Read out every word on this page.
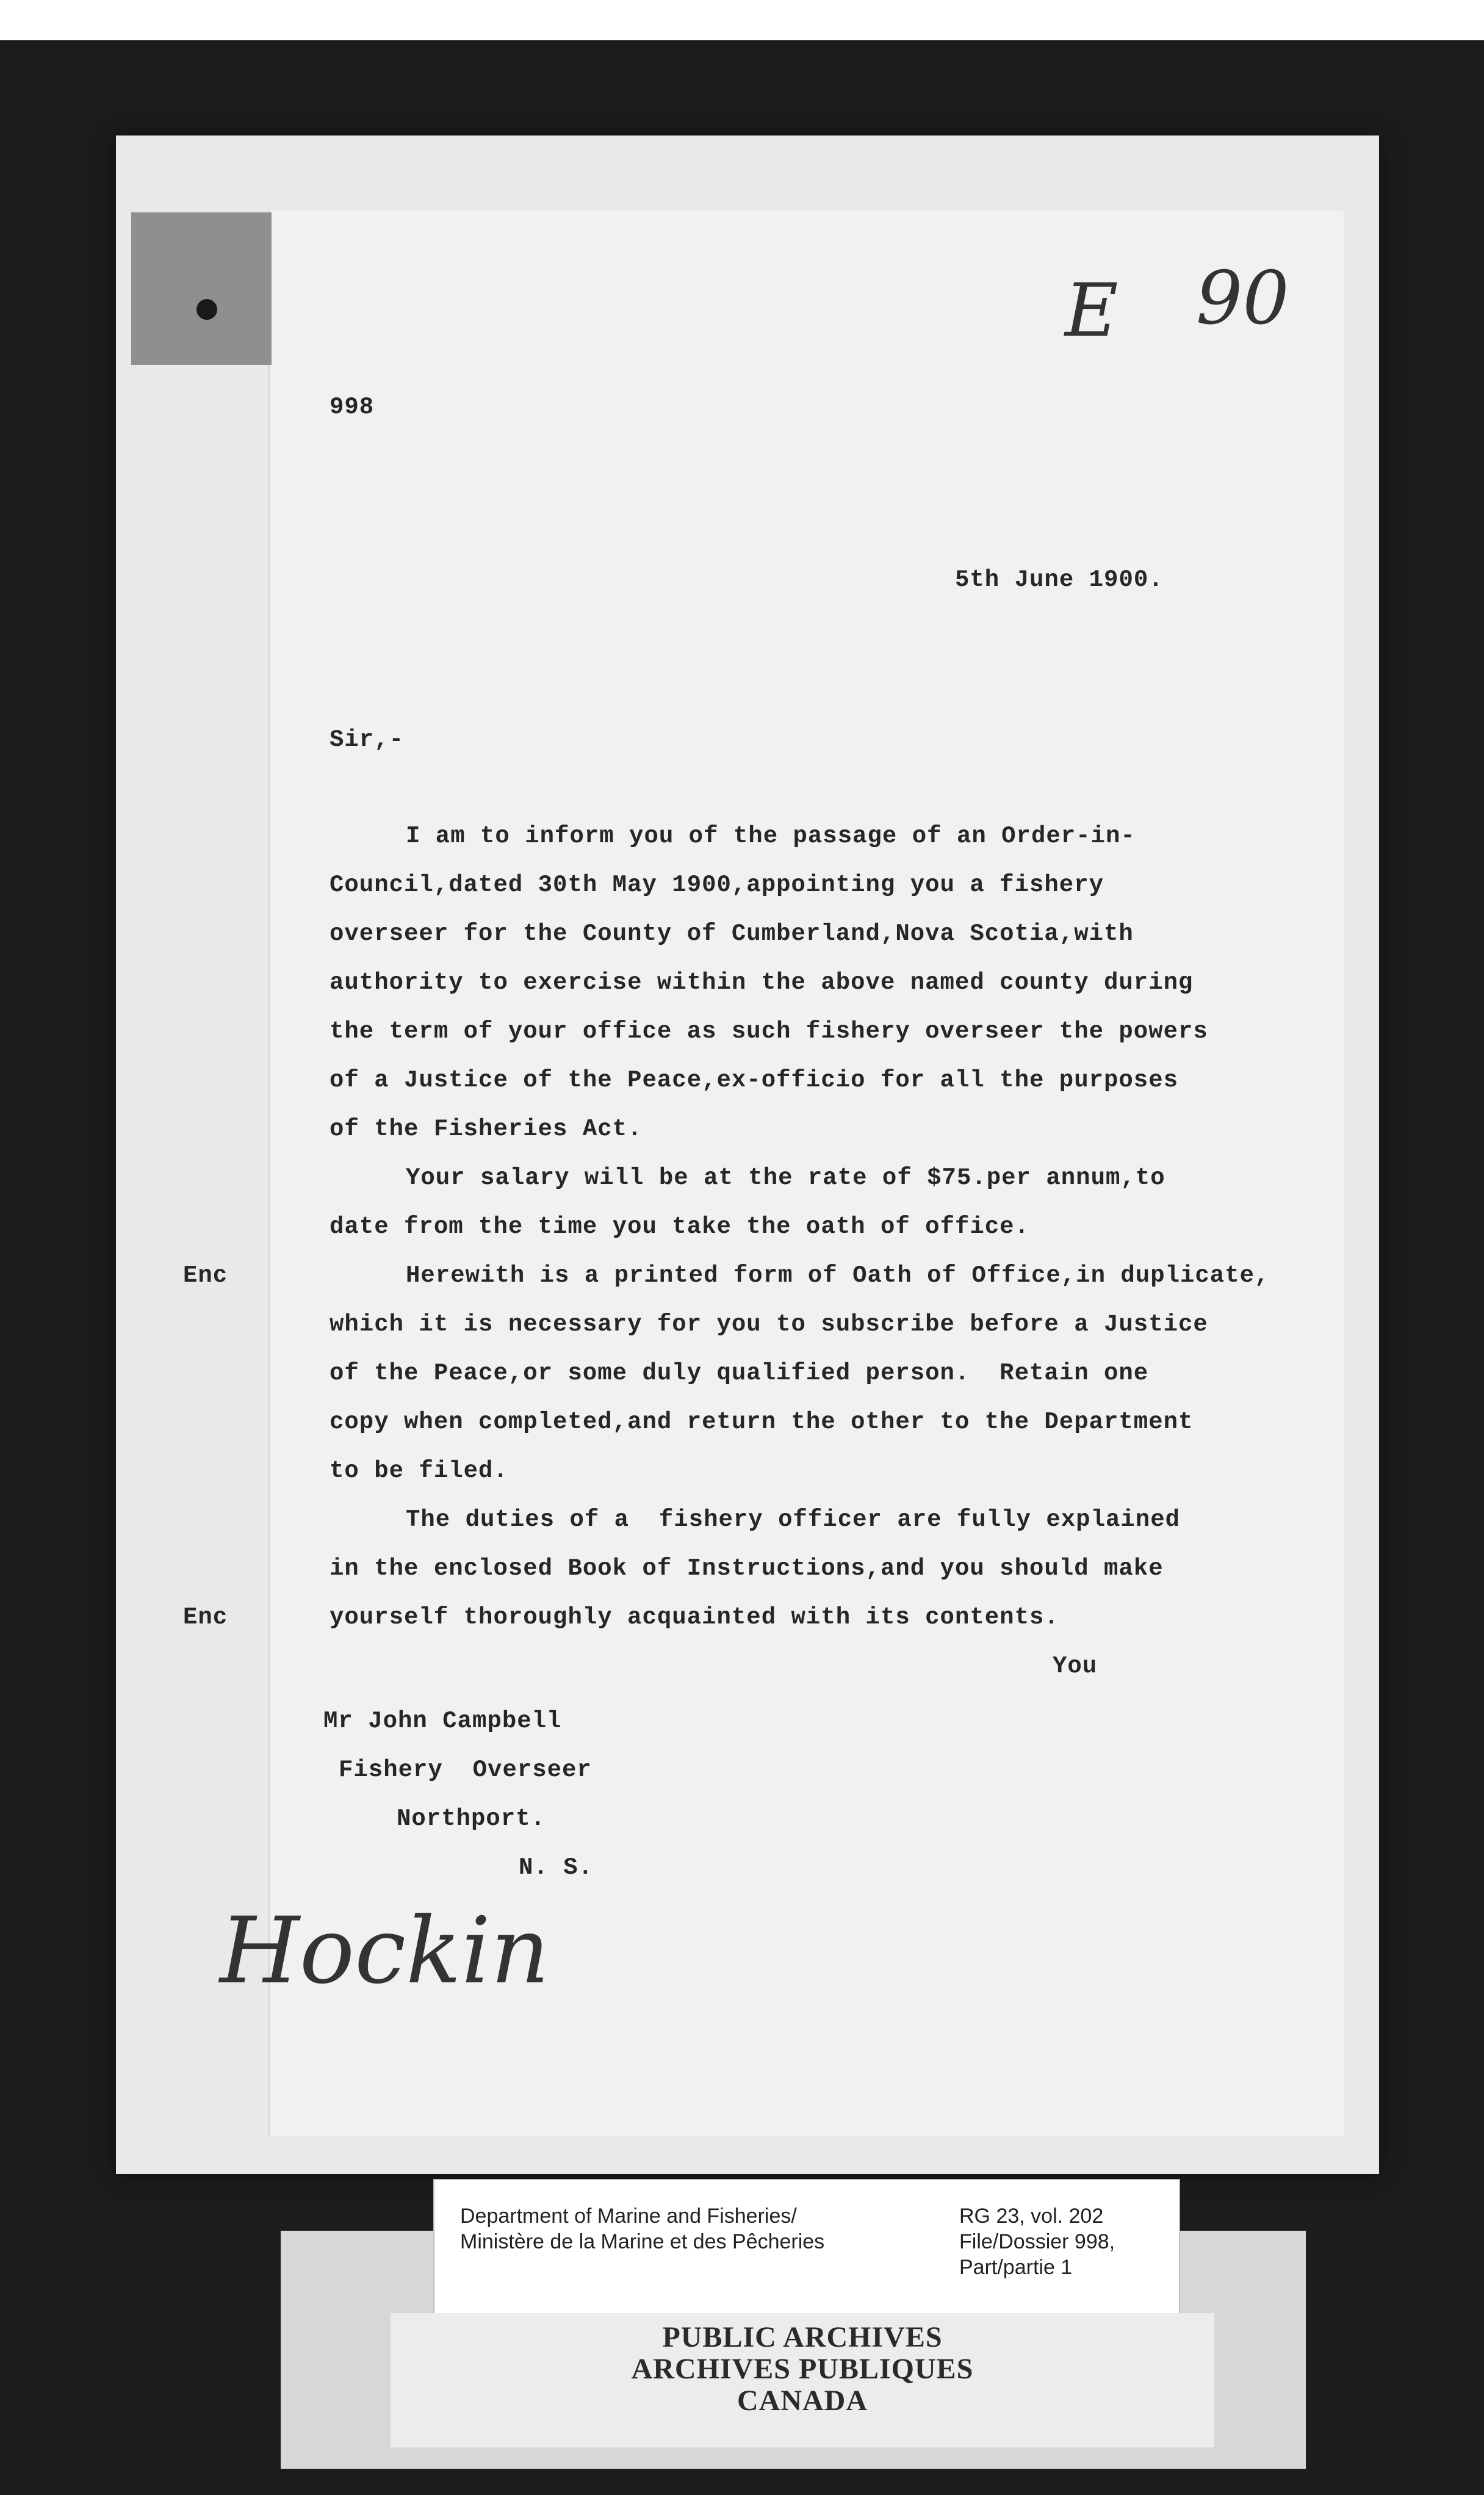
E 90
998
5th June 1900.
Sir,-
I am to inform you of the passage of an Order-in-
Council,dated 30th May 1900,appointing you a fishery
overseer for the County of Cumberland,Nova Scotia,with
authority to exercise within the above named county during
the term of your office as such fishery overseer the powers
of a Justice of the Peace,ex-officio for all the purposes
of the Fisheries Act.
Your salary will be at the rate of $75.per annum,to
date from the time you take the oath of office.
Enc	Herewith is a printed form of Oath of Office,in duplicate,
which it is necessary for you to subscribe before a Justice
of the Peace,or some duly qualified person.  Retain one
copy when completed,and return the other to the Department
to be filed.
The duties of a  fishery officer are fully explained
in the enclosed Book of Instructions,and you should make
Enc	yourself thoroughly acquainted with its contents.
You
Mr John Campbell
Fishery  Overseer
Northport.
N. S.
Hockin
Department of Marine and Fisheries/
Ministère de la Marine et des Pêcheries
RG 23, vol. 202
File/Dossier 998,
Part/partie 1
PUBLIC ARCHIVES
ARCHIVES PUBLIQUES
CANADA
